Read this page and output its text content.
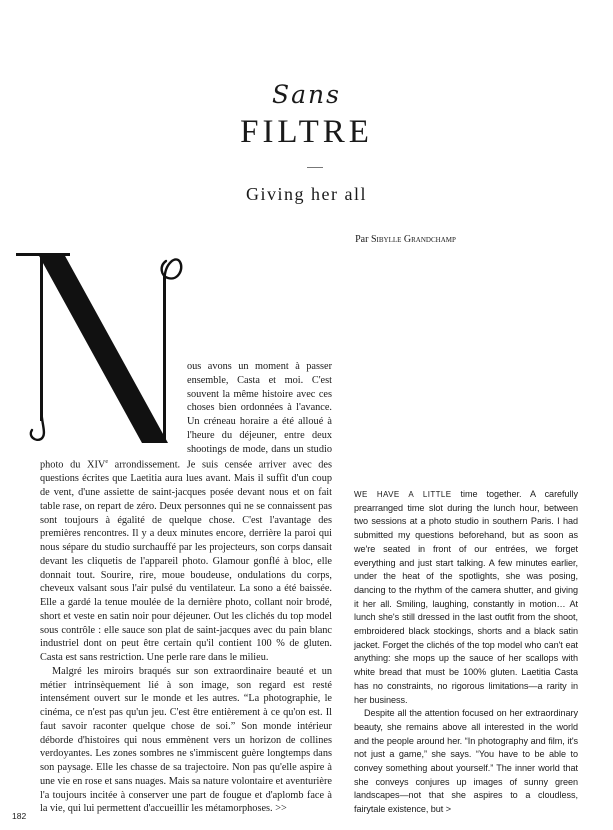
Sans
FILTRE
Giving her all
Par Sibylle Grandchamp

ous avons un moment à passer ensemble, Casta et moi. C'est souvent la même histoire avec ces choses bien ordonnées à l'avance. Un créneau horaire a été alloué à l'heure du déjeuner, entre deux shootings de mode, dans un studio photo du XIVe arrondissement. Je suis censée arriver avec des questions écrites que Laetitia aura lues avant. Mais il suffit d'un coup de vent, d'une assiette de saint-jacques posée devant nous et on fait table rase, on repart de zéro. Deux personnes qui ne se connaissent pas sont toujours à égalité de quelque chose. C'est l'avantage des premières rencontres. Il y a deux minutes encore, derrière la paroi qui nous sépare du studio surchauffé par les projecteurs, son corps dansait devant les cliquetis de l'appareil photo. Glamour gonflé à bloc, elle donnait tout. Sourire, rire, moue boudeuse, ondulations du corps, cheveux valsant sous l'air pulsé du ventilateur. La sono a été baissée. Elle a gardé la tenue moulée de la dernière photo, collant noir brodé, short et veste en satin noir pour déjeuner. Out les clichés du top model sous contrôle : elle sauce son plat de saint-jacques avec du pain blanc industriel dont on peut être certain qu'il contient 100 % de gluten. Casta est sans restriction. Une perle rare dans le milieu.

Malgré les miroirs braqués sur son extraordinaire beauté et un métier intrinsèquement lié à son image, son regard est resté intensément ouvert sur le monde et les autres. “La photographie, le cinéma, ce n'est pas qu'un jeu. C'est être entièrement à ce qu'on est. Il faut savoir raconter quelque chose de soi.” Son monde intérieur déborde d'histoires qui nous emmènent vers un horizon de collines verdoyantes. Les zones sombres ne s'immiscent guère longtemps dans son paysage. Elle les chasse de sa trajectoire. Non pas qu'elle aspire à une vie en rose et sans nuages. Mais sa nature volontaire et aventurière l'a toujours incitée à conserver une part de fougue et d'aplomb face à la vie, qui lui permettent d'accueillir les métamorphoses. >>

WE HAVE A LITTLE time together. A carefully prearranged time slot during the lunch hour, between two sessions at a photo studio in southern Paris. I had submitted my questions beforehand, but as soon as we're seated in front of our entrées, we forget everything and just start talking. A few minutes earlier, under the heat of the spotlights, she was posing, dancing to the rhythm of the camera shutter, and giving it her all. Smiling, laughing, constantly in motion… At lunch she's still dressed in the last outfit from the shoot, embroidered black stockings, shorts and a black satin jacket. Forget the clichés of the top model who can't eat anything: she mops up the sauce of her scallops with white bread that must be 100% gluten. Laetitia Casta has no constraints, no rigorous limitations—a rarity in her business.

Despite all the attention focused on her extraordinary beauty, she remains above all interested in the world and the people around her. “In photography and film, it's not just a game,” she says. “You have to be able to convey something about yourself.” The inner world that she conveys conjures up images of sunny green landscapes—not that she aspires to a cloudless, fairytale existence, but >

182
